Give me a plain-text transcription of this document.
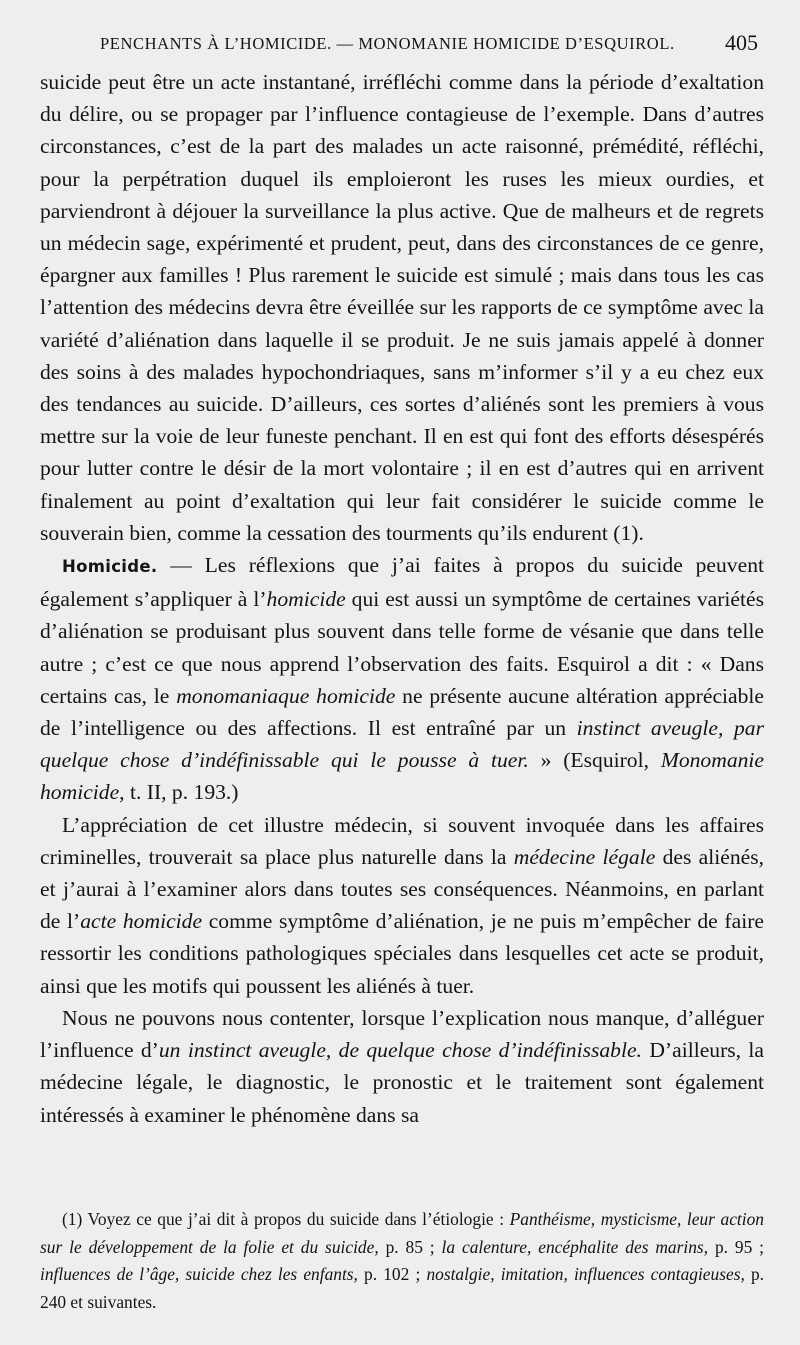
PENCHANTS À L’HOMICIDE. — MONOMANIE HOMICIDE D’ESQUIROL. 405

suicide peut être un acte instantané, irréfléchi comme dans la période d’exaltation du délire, ou se propager par l’influence contagieuse de l’exemple. Dans d’autres circonstances, c’est de la part des malades un acte raisonné, prémédité, réfléchi, pour la perpétration duquel ils emploieront les ruses les mieux ourdies, et parviendront à déjouer la surveillance la plus active. Que de malheurs et de regrets un médecin sage, expérimenté et prudent, peut, dans des circonstances de ce genre, épargner aux familles ! Plus rarement le suicide est simulé ; mais dans tous les cas l’attention des médecins devra être éveillée sur les rapports de ce symptôme avec la variété d’aliénation dans laquelle il se produit. Je ne suis jamais appelé à donner des soins à des malades hypochondriaques, sans m’informer s’il y a eu chez eux des tendances au suicide. D’ailleurs, ces sortes d’aliénés sont les premiers à vous mettre sur la voie de leur funeste penchant. Il en est qui font des efforts désespérés pour lutter contre le désir de la mort volontaire ; il en est d’autres qui en arrivent finalement au point d’exaltation qui leur fait considérer le suicide comme le souverain bien, comme la cessation des tourments qu’ils endurent (1).

Homicide. — Les réflexions que j’ai faites à propos du suicide peuvent également s’appliquer à l’homicide qui est aussi un symptôme de certaines variétés d’aliénation se produisant plus souvent dans telle forme de vésanie que dans telle autre ; c’est ce que nous apprend l’observation des faits. Esquirol a dit : « Dans certains cas, le monomaniaque homicide ne présente aucune altération appréciable de l’intelligence ou des affections. Il est entraîné par un instinct aveugle, par quelque chose d’indéfinissable qui le pousse à tuer. » (Esquirol, Monomanie homicide, t. II, p. 193.)

L’appréciation de cet illustre médecin, si souvent invoquée dans les affaires criminelles, trouverait sa place plus naturelle dans la médecine légale des aliénés, et j’aurai à l’examiner alors dans toutes ses conséquences. Néanmoins, en parlant de l’acte homicide comme symptôme d’aliénation, je ne puis m’empêcher de faire ressortir les conditions pathologiques spéciales dans lesquelles cet acte se produit, ainsi que les motifs qui poussent les aliénés à tuer.

Nous ne pouvons nous contenter, lorsque l’explication nous manque, d’alléguer l’influence d’un instinct aveugle, de quelque chose d’indéfinissable. D’ailleurs, la médecine légale, le diagnostic, le pronostic et le traitement sont également intéressés à examiner le phénomène dans sa

(1) Voyez ce que j’ai dit à propos du suicide dans l’étiologie : Panthéisme, mysticisme, leur action sur le développement de la folie et du suicide, p. 85 ; la calenture, encéphalite des marins, p. 95 ; influences de l’âge, suicide chez les enfants, p. 102 ; nostalgie, imitation, influences contagieuses, p. 240 et suivantes.
